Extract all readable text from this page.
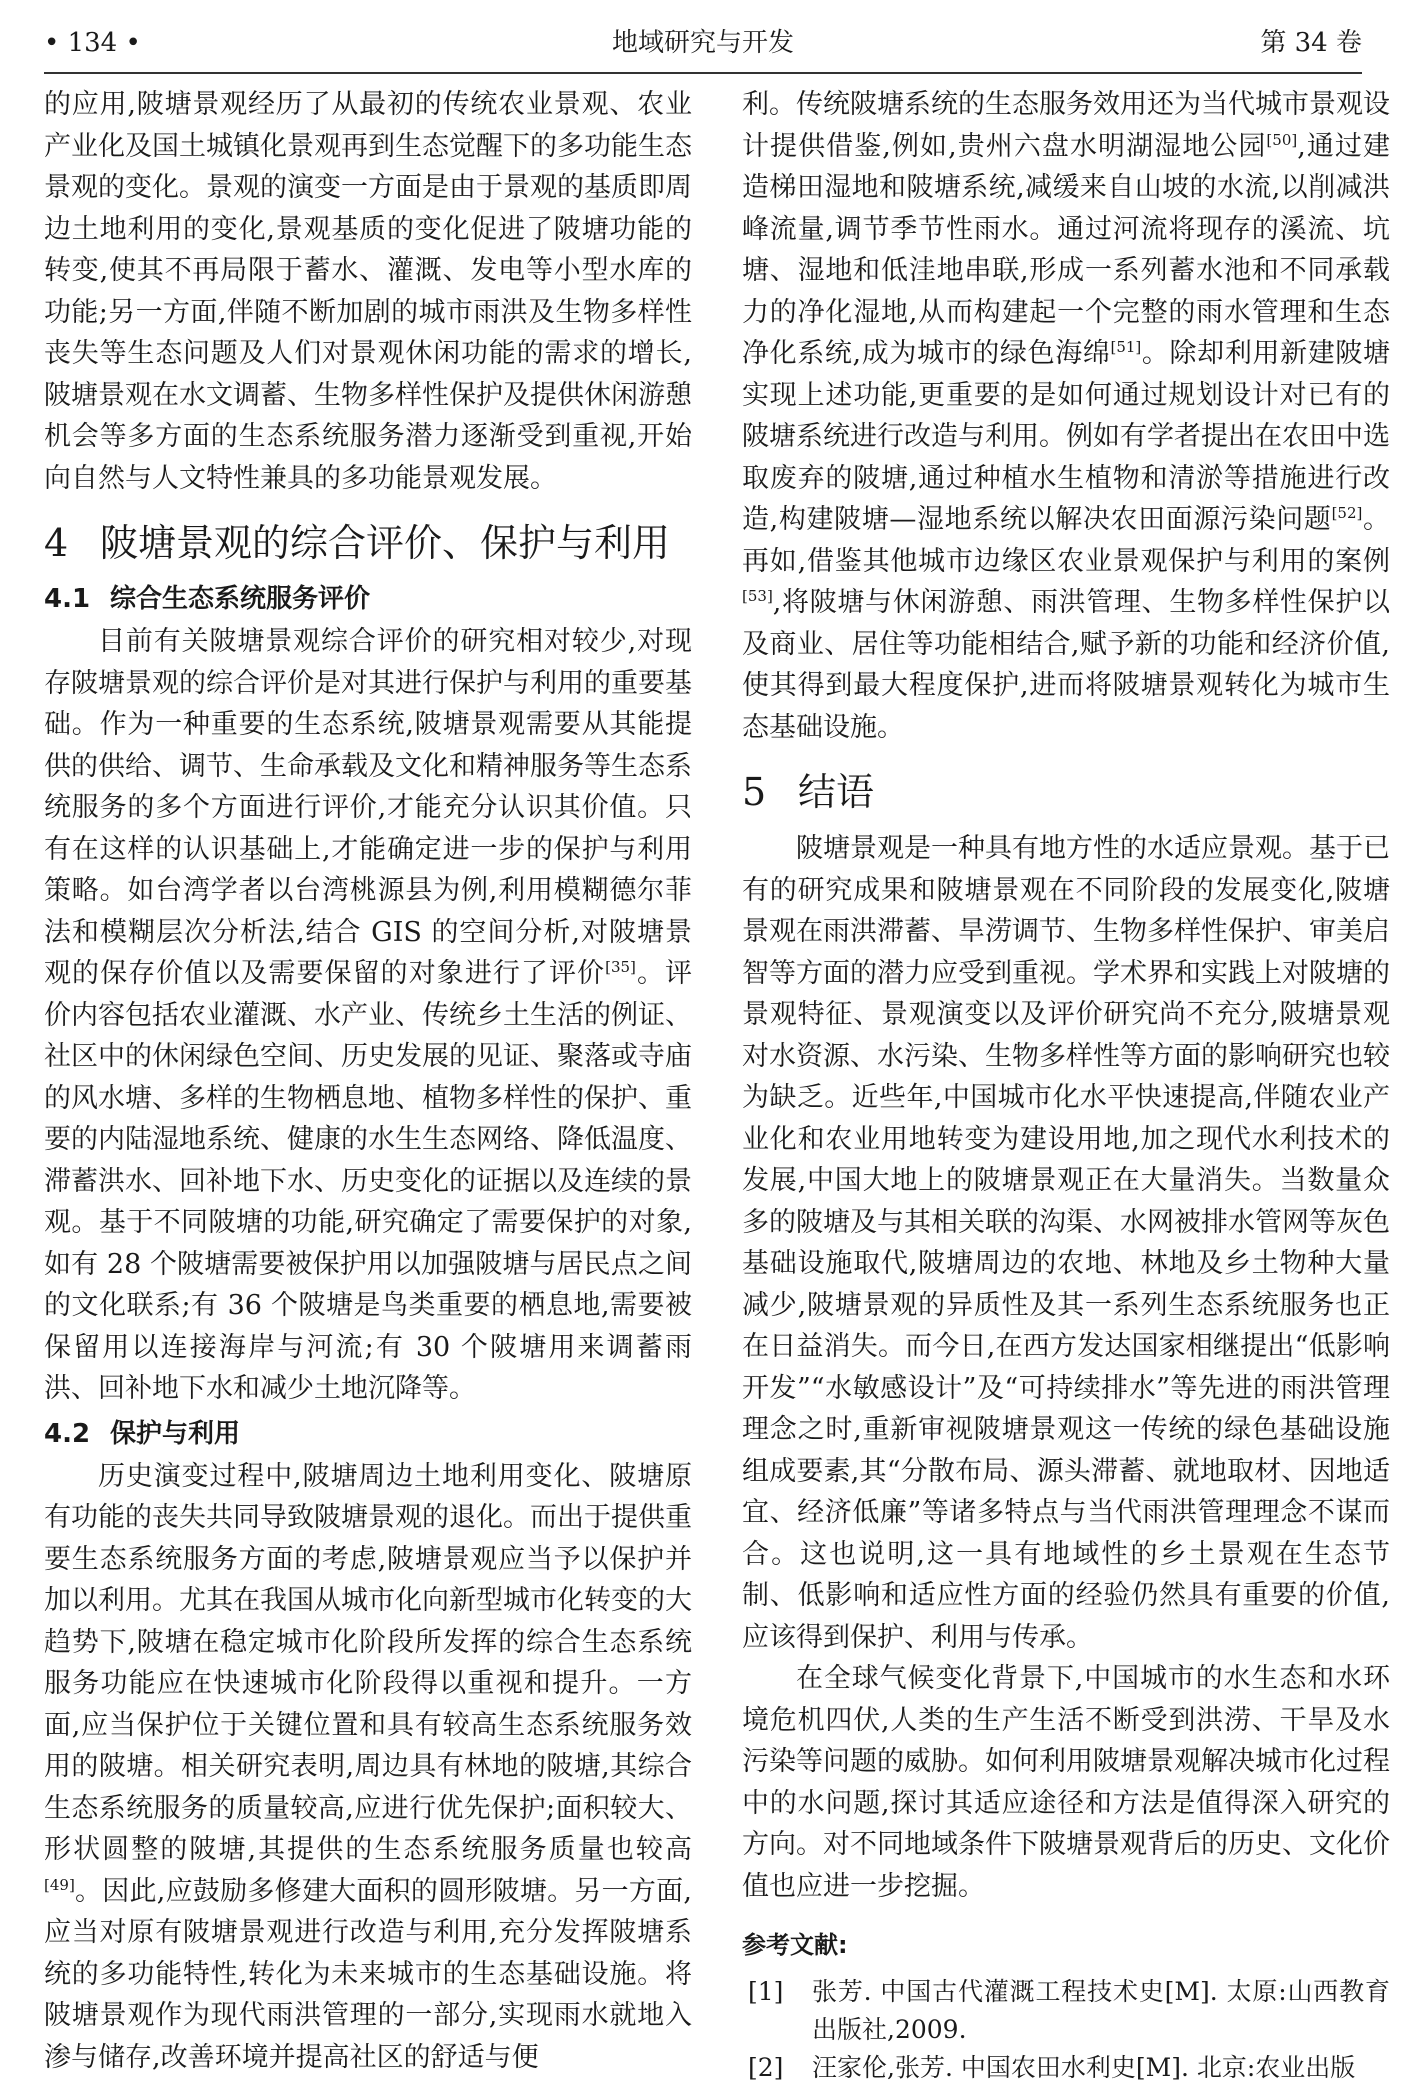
• 134 •	地域研究与开发	第 34 卷

的应用,陂塘景观经历了从最初的传统农业景观、农业产业化及国土城镇化景观再到生态觉醒下的多功能生态景观的变化。景观的演变一方面是由于景观的基质即周边土地利用的变化,景观基质的变化促进了陂塘功能的转变,使其不再局限于蓄水、灌溉、发电等小型水库的功能;另一方面,伴随不断加剧的城市雨洪及生物多样性丧失等生态问题及人们对景观休闲功能的需求的增长,陂塘景观在水文调蓄、生物多样性保护及提供休闲游憩机会等多方面的生态系统服务潜力逐渐受到重视,开始向自然与人文特性兼具的多功能景观发展。

4 陂塘景观的综合评价、保护与利用
4.1 综合生态系统服务评价

目前有关陂塘景观综合评价的研究相对较少,对现存陂塘景观的综合评价是对其进行保护与利用的重要基础。作为一种重要的生态系统,陂塘景观需要从其能提供的供给、调节、生命承载及文化和精神服务等生态系统服务的多个方面进行评价,才能充分认识其价值。只有在这样的认识基础上,才能确定进一步的保护与利用策略。如台湾学者以台湾桃源县为例,利用模糊德尔菲法和模糊层次分析法,结合 GIS 的空间分析,对陂塘景观的保存价值以及需要保留的对象进行了评价[35]。评价内容包括农业灌溉、水产业、传统乡土生活的例证、社区中的休闲绿色空间、历史发展的见证、聚落或寺庙的风水塘、多样的生物栖息地、植物多样性的保护、重要的内陆湿地系统、健康的水生生态网络、降低温度、滞蓄洪水、回补地下水、历史变化的证据以及连续的景观。基于不同陂塘的功能,研究确定了需要保护的对象,如有 28 个陂塘需要被保护用以加强陂塘与居民点之间的文化联系;有 36 个陂塘是鸟类重要的栖息地,需要被保留用以连接海岸与河流;有 30 个陂塘用来调蓄雨洪、回补地下水和减少土地沉降等。

4.2 保护与利用

历史演变过程中,陂塘周边土地利用变化、陂塘原有功能的丧失共同导致陂塘景观的退化。而出于提供重要生态系统服务方面的考虑,陂塘景观应当予以保护并加以利用。尤其在我国从城市化向新型城市化转变的大趋势下,陂塘在稳定城市化阶段所发挥的综合生态系统服务功能应在快速城市化阶段得以重视和提升。一方面,应当保护位于关键位置和具有较高生态系统服务效用的陂塘。相关研究表明,周边具有林地的陂塘,其综合生态系统服务的质量较高,应进行优先保护;面积较大、形状圆整的陂塘,其提供的生态系统服务质量也较高[49]。因此,应鼓励多修建大面积的圆形陂塘。另一方面,应当对原有陂塘景观进行改造与利用,充分发挥陂塘系统的多功能特性,转化为未来城市的生态基础设施。将陂塘景观作为现代雨洪管理的一部分,实现雨水就地入渗与储存,改善环境并提高社区的舒适与便

利。传统陂塘系统的生态服务效用还为当代城市景观设计提供借鉴,例如,贵州六盘水明湖湿地公园[50],通过建造梯田湿地和陂塘系统,减缓来自山坡的水流,以削减洪峰流量,调节季节性雨水。通过河流将现存的溪流、坑塘、湿地和低洼地串联,形成一系列蓄水池和不同承载力的净化湿地,从而构建起一个完整的雨水管理和生态净化系统,成为城市的绿色海绵[51]。除却利用新建陂塘实现上述功能,更重要的是如何通过规划设计对已有的陂塘系统进行改造与利用。例如有学者提出在农田中选取废弃的陂塘,通过种植水生植物和清淤等措施进行改造,构建陂塘—湿地系统以解决农田面源污染问题[52]。再如,借鉴其他城市边缘区农业景观保护与利用的案例[53],将陂塘与休闲游憩、雨洪管理、生物多样性保护以及商业、居住等功能相结合,赋予新的功能和经济价值,使其得到最大程度保护,进而将陂塘景观转化为城市生态基础设施。

5 结语

陂塘景观是一种具有地方性的水适应景观。基于已有的研究成果和陂塘景观在不同阶段的发展变化,陂塘景观在雨洪滞蓄、旱涝调节、生物多样性保护、审美启智等方面的潜力应受到重视。学术界和实践上对陂塘的景观特征、景观演变以及评价研究尚不充分,陂塘景观对水资源、水污染、生物多样性等方面的影响研究也较为缺乏。近些年,中国城市化水平快速提高,伴随农业产业化和农业用地转变为建设用地,加之现代水利技术的发展,中国大地上的陂塘景观正在大量消失。当数量众多的陂塘及与其相关联的沟渠、水网被排水管网等灰色基础设施取代,陂塘周边的农地、林地及乡土物种大量减少,陂塘景观的异质性及其一系列生态系统服务也正在日益消失。而今日,在西方发达国家相继提出“低影响开发”“水敏感设计”及“可持续排水”等先进的雨洪管理理念之时,重新审视陂塘景观这一传统的绿色基础设施组成要素,其“分散布局、源头滞蓄、就地取材、因地适宜、经济低廉”等诸多特点与当代雨洪管理理念不谋而合。这也说明,这一具有地域性的乡土景观在生态节制、低影响和适应性方面的经验仍然具有重要的价值,应该得到保护、利用与传承。

在全球气候变化背景下,中国城市的水生态和水环境危机四伏,人类的生产生活不断受到洪涝、干旱及水污染等问题的威胁。如何利用陂塘景观解决城市化过程中的水问题,探讨其适应途径和方法是值得深入研究的方向。对不同地域条件下陂塘景观背后的历史、文化价值也应进一步挖掘。

参考文献:
[1] 张芳. 中国古代灌溉工程技术史[M]. 太原:山西教育出版社,2009.
[2] 汪家伦,张芳. 中国农田水利史[M]. 北京:农业出版
